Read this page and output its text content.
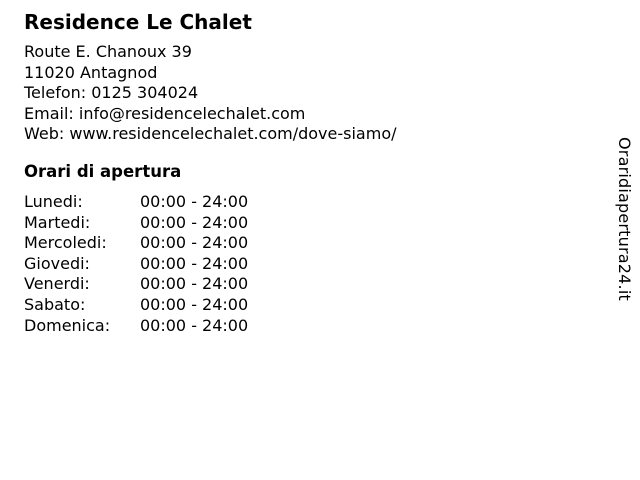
Residence Le Chalet
Route E. Chanoux 39
11020 Antagnod
Telefon: 0125 304024
Email: info@residencelechalet.com
Web: www.residencelechalet.com/dove-siamo/
Orari di apertura
Lunedi:	00:00 - 24:00
Martedi:	00:00 - 24:00
Mercoledi:	00:00 - 24:00
Giovedi:	00:00 - 24:00
Venerdi:	00:00 - 24:00
Sabato:	00:00 - 24:00
Domenica:	00:00 - 24:00
Oraridiapertura24.it
